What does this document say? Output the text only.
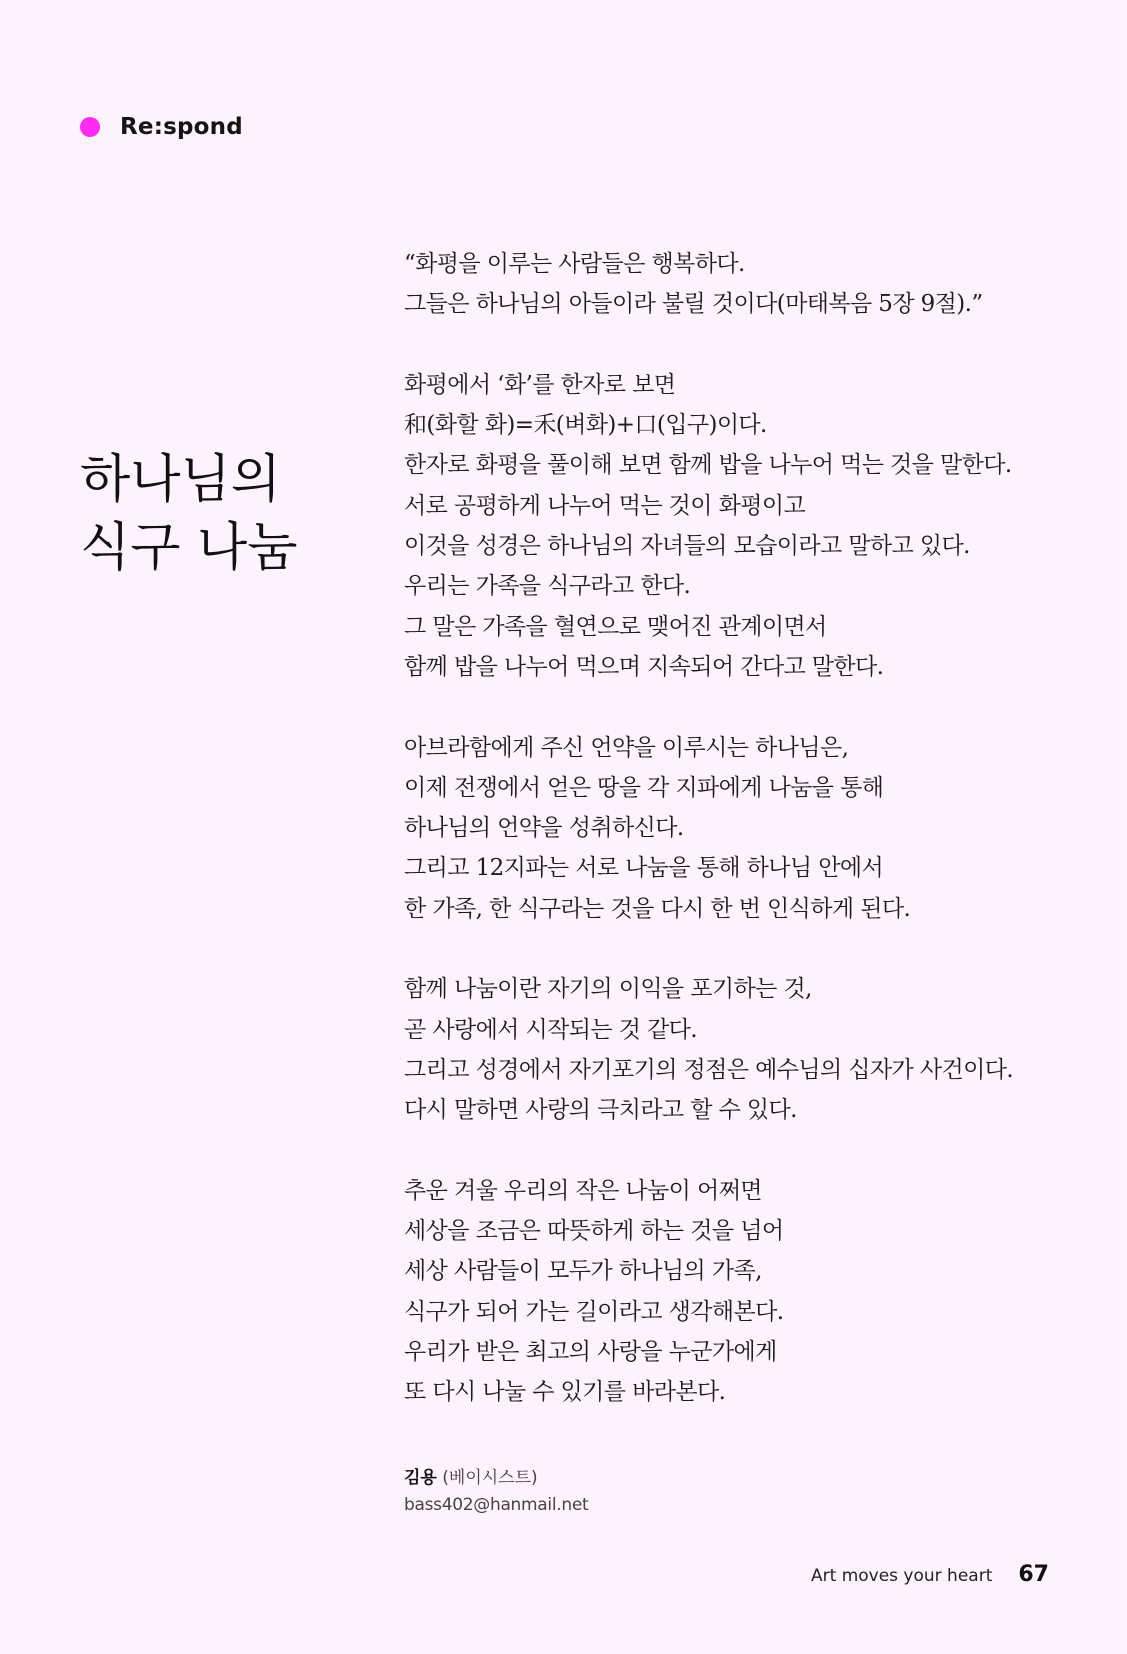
Re:spond
하나님의
식구 나눔
“화평을 이루는 사람들은 행복하다.
그들은 하나님의 아들이라 불릴 것이다(마태복음 5장 9절).”
화평에서 ‘화’를 한자로 보면
和(화할 화)=禾(벼화)+口(입구)이다.
한자로 화평을 풀이해 보면 함께 밥을 나누어 먹는 것을 말한다.
서로 공평하게 나누어 먹는 것이 화평이고
이것을 성경은 하나님의 자녀들의 모습이라고 말하고 있다.
우리는 가족을 식구라고 한다.
그 말은 가족을 혈연으로 맺어진 관계이면서
함께 밥을 나누어 먹으며 지속되어 간다고 말한다.
아브라함에게 주신 언약을 이루시는 하나님은,
이제 전쟁에서 얻은 땅을 각 지파에게 나눔을 통해
하나님의 언약을 성취하신다.
그리고 12지파는 서로 나눔을 통해 하나님 안에서
한 가족, 한 식구라는 것을 다시 한 번 인식하게 된다.
함께 나눔이란 자기의 이익을 포기하는 것,
곧 사랑에서 시작되는 것 같다.
그리고 성경에서 자기포기의 정점은 예수님의 십자가 사건이다.
다시 말하면 사랑의 극치라고 할 수 있다.
추운 겨울 우리의 작은 나눔이 어쩌면
세상을 조금은 따뜻하게 하는 것을 넘어
세상 사람들이 모두가 하나님의 가족,
식구가 되어 가는 길이라고 생각해본다.
우리가 받은 최고의 사랑을 누군가에게
또 다시 나눌 수 있기를 바라본다.
김용 (베이시스트)
bass402@hanmail.net
Art moves your heart 67
